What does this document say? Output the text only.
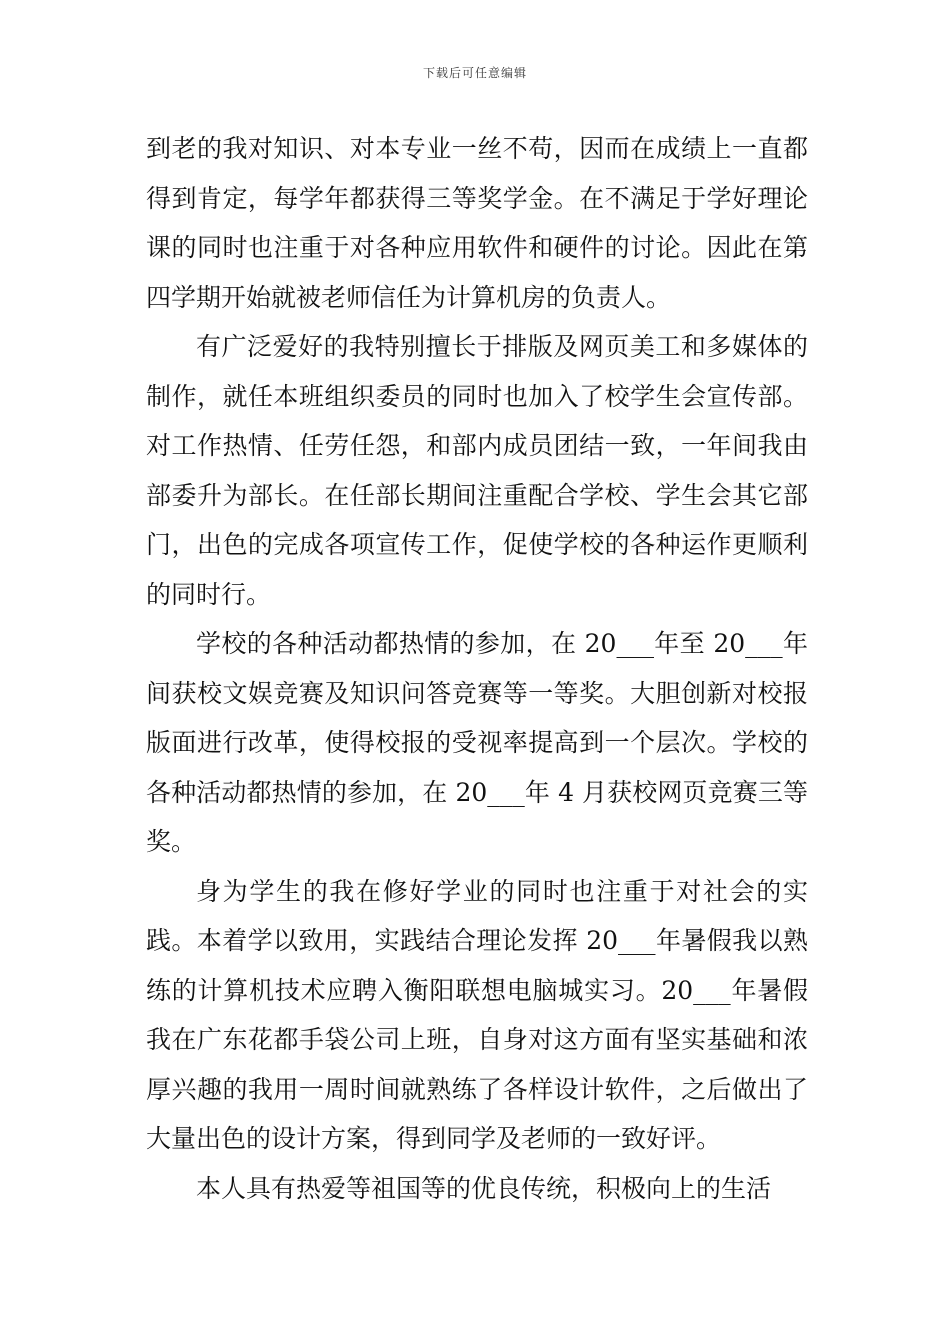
下载后可任意编辑

到老的我对知识、对本专业一丝不苟，因而在成绩上一直都得到肯定，每学年都获得三等奖学金。在不满足于学好理论课的同时也注重于对各种应用软件和硬件的讨论。因此在第四学期开始就被老师信任为计算机房的负责人。

有广泛爱好的我特别擅长于排版及网页美工和多媒体的制作，就任本班组织委员的同时也加入了校学生会宣传部。对工作热情、任劳任怨，和部内成员团结一致，一年间我由部委升为部长。在任部长期间注重配合学校、学生会其它部门，出色的完成各项宣传工作，促使学校的各种运作更顺利的同时行。

学校的各种活动都热情的参加，在 20___年至 20___年间获校文娱竞赛及知识问答竞赛等一等奖。大胆创新对校报版面进行改革，使得校报的受视率提高到一个层次。学校的各种活动都热情的参加，在 20___年 4 月获校网页竞赛三等奖。

身为学生的我在修好学业的同时也注重于对社会的实践。本着学以致用，实践结合理论发挥 20___年暑假我以熟练的计算机技术应聘入衡阳联想电脑城实习。20___年暑假我在广东花都手袋公司上班，自身对这方面有坚实基础和浓厚兴趣的我用一周时间就熟练了各样设计软件，之后做出了大量出色的设计方案，得到同学及老师的一致好评。

本人具有热爱等祖国等的优良传统，积极向上的生活
